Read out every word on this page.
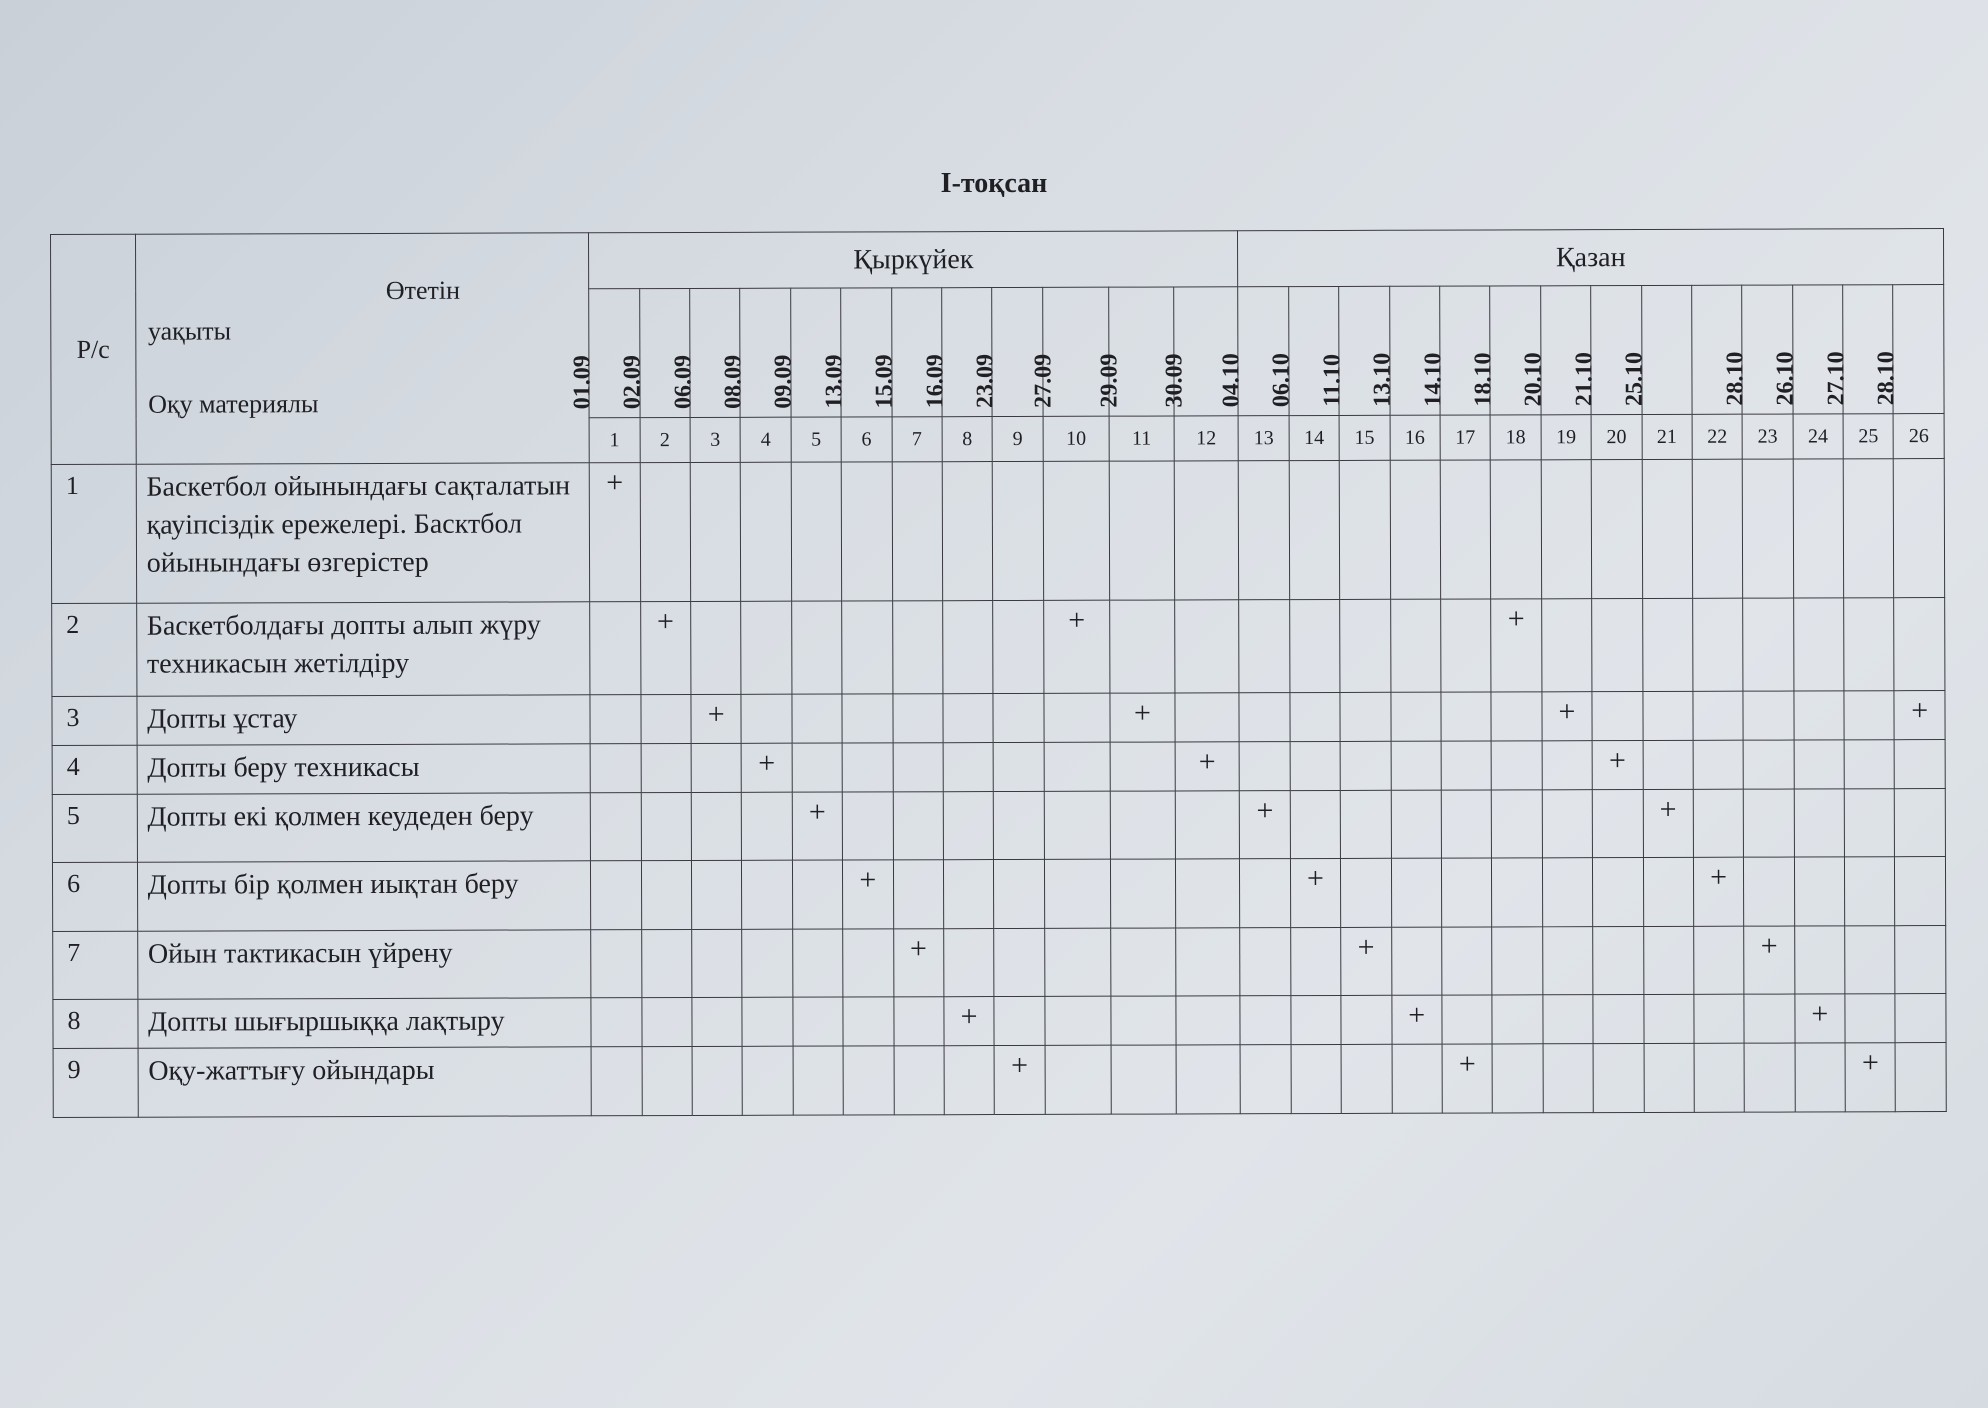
I-тоқсан
Р/с	Өтетін
уақыты
Оқу материялы	Қыркүйек												Қазан													

		01.09	02.09	06.09	08.09	09.09	13.09	15.09	16.09	23.09	27.09	29.09	30.09	04.10	06.10	11.10	13.10	14.10	18.10	20.10	21.10	25.10		28.10	26.10	27.10	28.10

		1	2	3	4	5	6	7	8	9	10	11	12	13	14	15	16	17	18	19	20	21	22	23	24	25	26
1	Баскетбол ойынындағы сақталатын қауіпсіздік ережелері. Басктбол ойынындағы өзгерістер	+																									
2	Баскетболдағы допты алып жүру техникасын жетілдіру		+								+								+								
3	Допты ұстау			+								+								+							+
4	Допты беру техникасы				+								+								+						
5	Допты екі қолмен кеудеден беру					+								+								+					
6	Допты бір қолмен иықтан беру						+								+								+				
7	Ойын тактикасын үйрену							+								+								+			
8	Допты шығыршыққа лақтыру								+								+								+		
9	Оқу-жаттығу ойындары									+								+								+	
